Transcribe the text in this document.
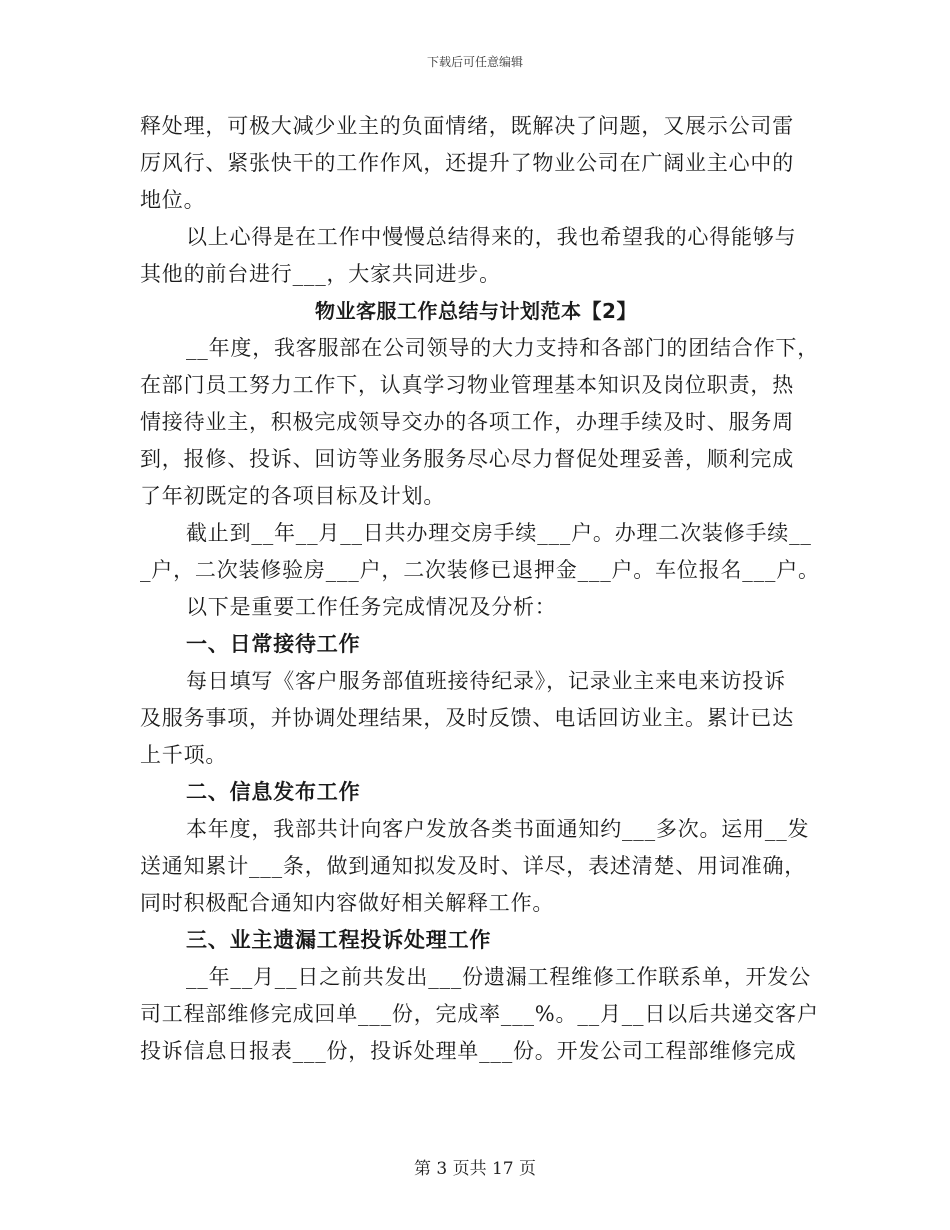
下载后可任意编辑
释处理，可极大减少业主的负面情绪，既解决了问题，又展示公司雷
厉风行、紧张快干的工作作风，还提升了物业公司在广阔业主心中的
地位。
以上心得是在工作中慢慢总结得来的，我也希望我的心得能够与
其他的前台进行___，大家共同进步。
物业客服工作总结与计划范本【2】
__年度，我客服部在公司领导的大力支持和各部门的团结合作下，
在部门员工努力工作下，认真学习物业管理基本知识及岗位职责，热
情接待业主，积极完成领导交办的各项工作，办理手续及时、服务周
到，报修、投诉、回访等业务服务尽心尽力督促处理妥善，顺利完成
了年初既定的各项目标及计划。
截止到__年__月__日共办理交房手续___户。办理二次装修手续__
_户，二次装修验房___户，二次装修已退押金___户。车位报名___户。
以下是重要工作任务完成情况及分析：
一、日常接待工作
每日填写《客户服务部值班接待纪录》，记录业主来电来访投诉
及服务事项，并协调处理结果，及时反馈、电话回访业主。累计已达
上千项。
二、信息发布工作
本年度，我部共计向客户发放各类书面通知约___多次。运用__发
送通知累计___条，做到通知拟发及时、详尽，表述清楚、用词准确，
同时积极配合通知内容做好相关解释工作。
三、业主遗漏工程投诉处理工作
__年__月__日之前共发出___份遗漏工程维修工作联系单，开发公
司工程部维修完成回单___份，完成率___%。__月__日以后共递交客户
投诉信息日报表___份，投诉处理单___份。开发公司工程部维修完成
第 3 页共 17 页
